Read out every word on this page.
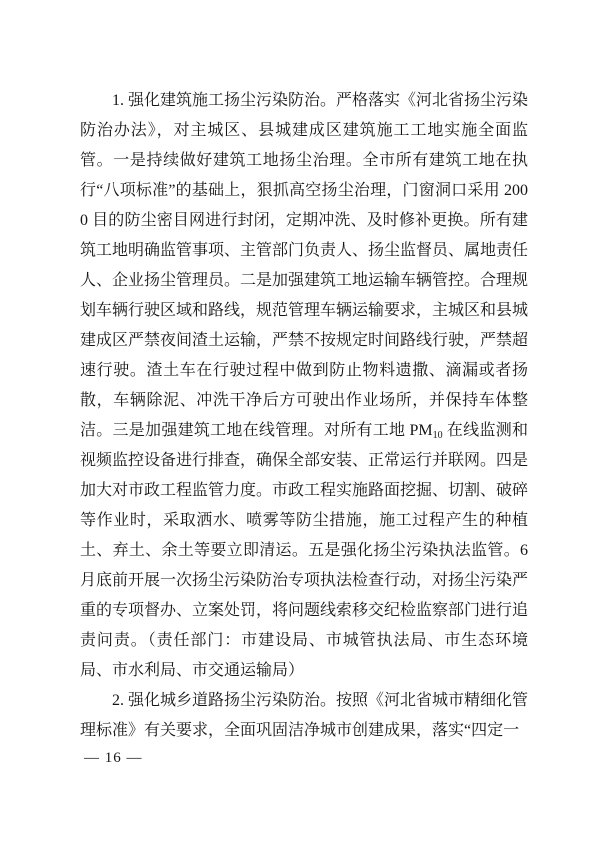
1. 强化建筑施工扬尘污染防治。严格落实《河北省扬尘污染防治办法》，对主城区、县城建成区建筑施工工地实施全面监管。一是持续做好建筑工地扬尘治理。全市所有建筑工地在执行“八项标准”的基础上，狠抓高空扬尘治理，门窗洞口采用 2000 目的防尘密目网进行封闭，定期冲洗、及时修补更换。所有建筑工地明确监管事项、主管部门负责人、扬尘监督员、属地责任人、企业扬尘管理员。二是加强建筑工地运输车辆管控。合理规划车辆行驶区域和路线，规范管理车辆运输要求，主城区和县城建成区严禁夜间渣土运输，严禁不按规定时间路线行驶，严禁超速行驶。渣土车在行驶过程中做到防止物料遗撒、滴漏或者扬散，车辆除泥、冲洗干净后方可驶出作业场所，并保持车体整洁。三是加强建筑工地在线管理。对所有工地 $PM_{10}$ 在线监测和视频监控设备进行排查，确保全部安装、正常运行并联网。四是加大对市政工程监管力度。市政工程实施路面挖掘、切割、破碎等作业时，采取洒水、喷雾等防尘措施，施工过程产生的种植土、弃土、余土等要立即清运。五是强化扬尘污染执法监管。6 月底前开展一次扬尘污染防治专项执法检查行动，对扬尘污染严重的专项督办、立案处罚，将问题线索移交纪检监察部门进行追责问责。（责任部门：市建设局、市城管执法局、市生态环境局、市水利局、市交通运输局）

2. 强化城乡道路扬尘污染防治。按照《河北省城市精细化管理标准》有关要求，全面巩固洁净城市创建成果，落实“四定一

— 16 —
